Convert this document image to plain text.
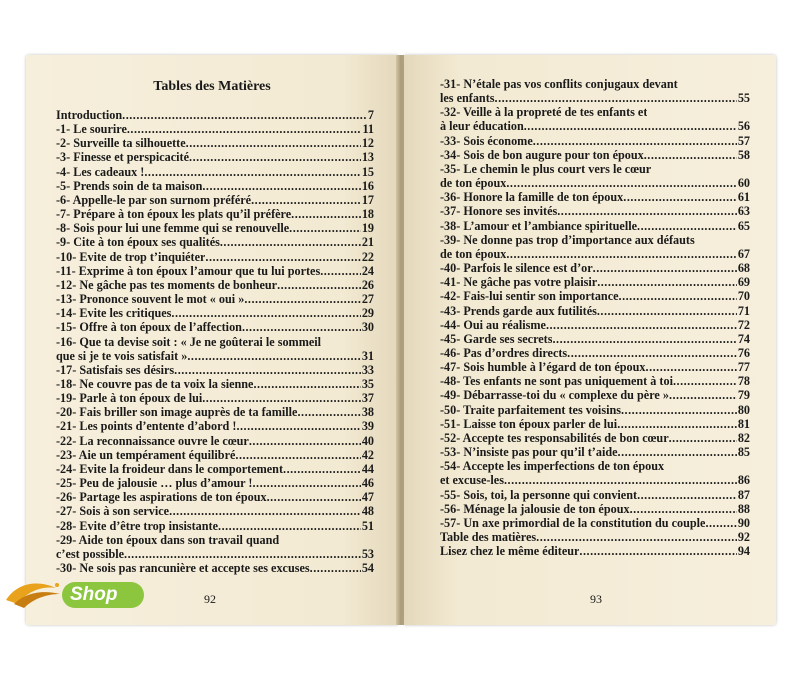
Tables des Matières
Introduction .....	7
-1- Le sourire .....	11
-2- Surveille ta silhouette .....	12
-3- Finesse et perspicacité .....	13
-4- Les cadeaux ! .....	15
-5- Prends soin de ta maison .....	16
-6- Appelle-le par son surnom préféré .....	17
-7- Prépare à ton époux les plats qu’il préfère .....	18
-8- Sois pour lui une femme qui se renouvelle .....	19
-9- Cite à ton époux ses qualités .....	21
-10- Evite de trop t’inquiéter .....	22
-11- Exprime à ton époux l’amour que tu lui portes .....	24
-12- Ne gâche pas tes moments de bonheur .....	26
-13- Prononce souvent le mot « oui » .....	27
-14- Evite les critiques .....	29
-15- Offre à ton époux de l’affection .....	30
-16- Que ta devise soit : « Je ne goûterai le sommeil
que si je te vois satisfait » .....	31
-17- Satisfais ses désirs .....	33
-18- Ne couvre pas de ta voix la sienne .....	35
-19- Parle à ton époux de lui .....	37
-20- Fais briller son image auprès de ta famille .....	38
-21- Les points d’entente d’abord ! .....	39
-22- La reconnaissance ouvre le cœur .....	40
-23- Aie un tempérament équilibré .....	42
-24- Evite la froideur dans le comportement .....	44
-25- Peu de jalousie … plus d’amour ! .....	46
-26- Partage les aspirations de ton époux .....	47
-27- Sois à son service .....	48
-28- Evite d’être trop insistante .....	51
-29- Aide ton époux dans son travail quand
c’est possible .....	53
-30- Ne sois pas rancunière et accepte ses excuses .....	54
92
-31- N’étale pas vos conflits conjugaux devant
les enfants .....	55
-32- Veille à la propreté de tes enfants et
à leur éducation .....	56
-33- Sois économe .....	57
-34- Sois de bon augure pour ton époux .....	58
-35- Le chemin le plus court vers le cœur
de ton époux .....	60
-36- Honore la famille de ton époux .....	61
-37- Honore ses invités .....	63
-38- L’amour et l’ambiance spirituelle .....	65
-39- Ne donne pas trop d’importance aux défauts
de ton époux .....	67
-40- Parfois le silence est d’or .....	68
-41- Ne gâche pas votre plaisir .....	69
-42- Fais-lui sentir son importance .....	70
-43- Prends garde aux futilités .....	71
-44- Oui au réalisme .....	72
-45- Garde ses secrets .....	74
-46- Pas d’ordres directs .....	76
-47- Sois humble à l’égard de ton époux .....	77
-48- Tes enfants ne sont pas uniquement à toi .....	78
-49- Débarrasse-toi du « complexe du père » .....	79
-50- Traite parfaitement tes voisins .....	80
-51- Laisse ton époux parler de lui .....	81
-52- Accepte tes responsabilités de bon cœur .....	82
-53- N’insiste pas pour qu’il t’aide .....	85
-54- Accepte les imperfections de ton époux
et excuse-les .....	86
-55- Sois, toi, la personne qui convient .....	87
-56- Ménage la jalousie de ton époux .....	88
-57- Un axe primordial de la constitution du couple .....	90
Table des matières .....	92
Lisez chez le même éditeur .....	94
93
Shop
